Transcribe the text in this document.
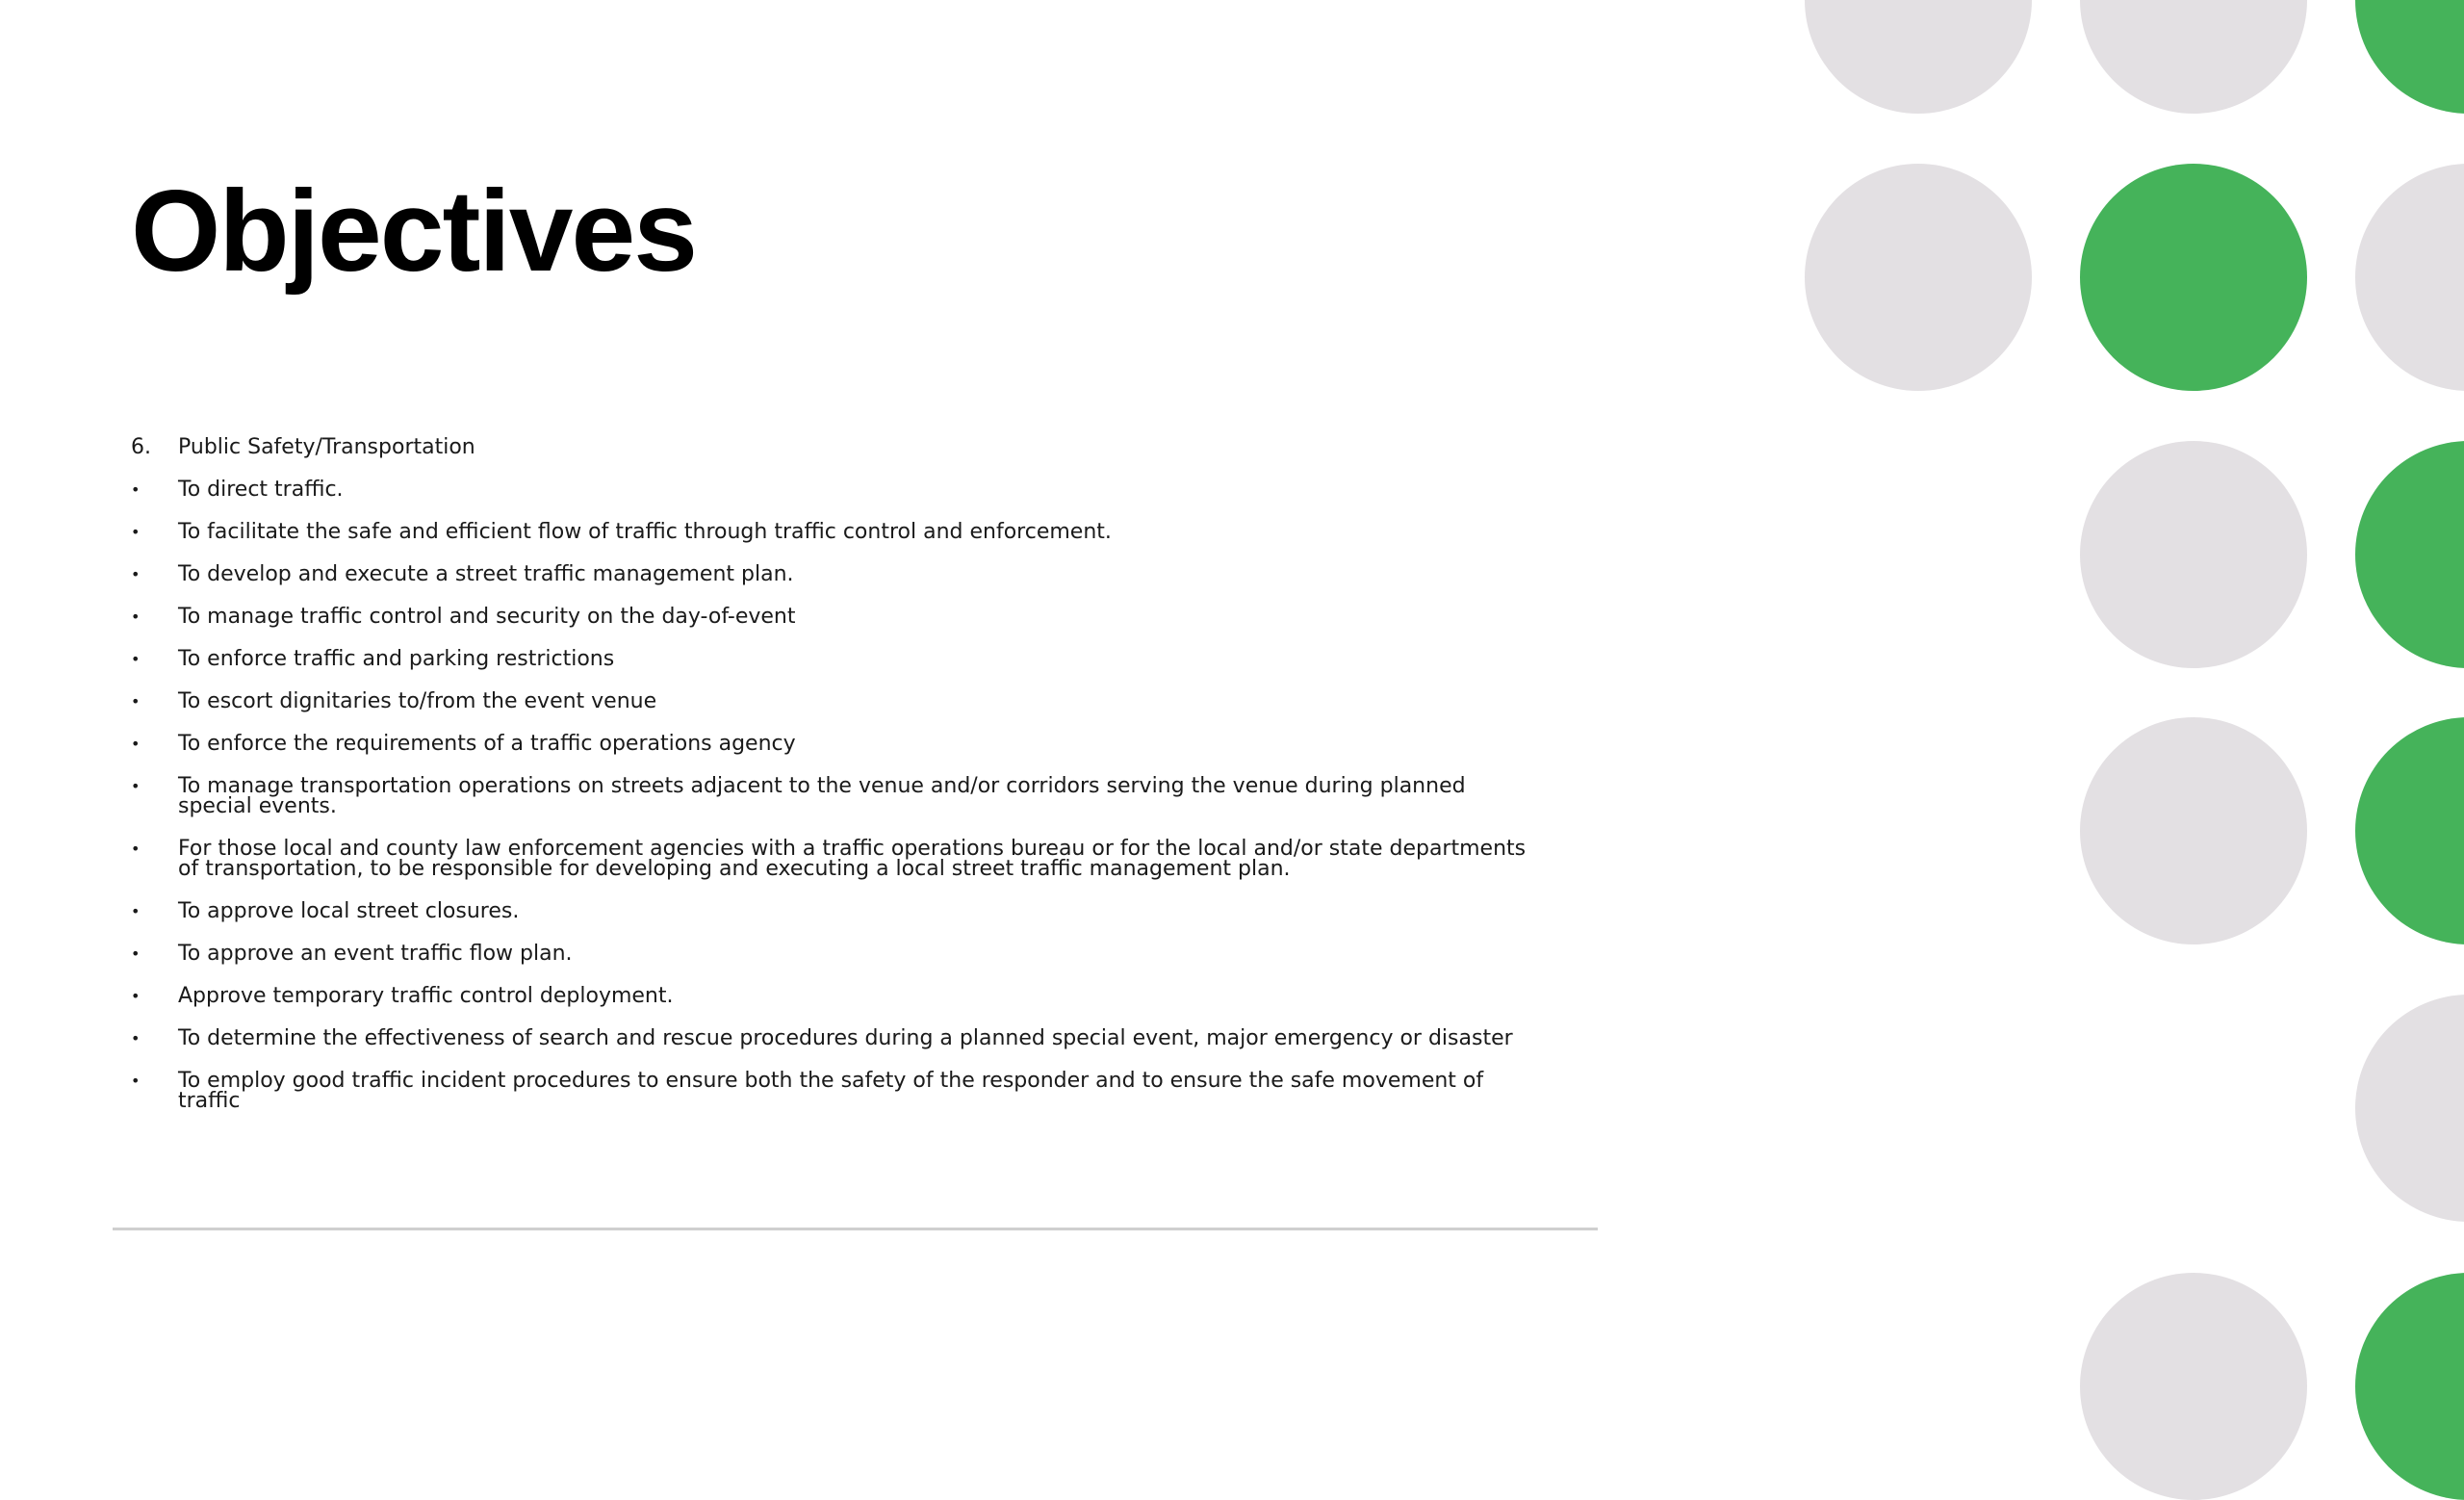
Objectives
6.	Public Safety/Transportation
•	To direct traffic.
•	To facilitate the safe and efficient flow of traffic through traffic control and enforcement.
•	To develop and execute a street traffic management plan.
•	To manage traffic control and security on the day-of-event
•	To enforce traffic and parking restrictions
•	To escort dignitaries to/from the event venue
•	To enforce the requirements of a traffic operations agency
•	To manage transportation operations on streets adjacent to the venue and/or corridors serving the venue during planned special events.
•	For those local and county law enforcement agencies with a traffic operations bureau or for the local and/or state departments of transportation, to be responsible for developing and executing a local street traffic management plan.
•	To approve local street closures.
•	To approve an event traffic flow plan.
•	Approve temporary traffic control deployment.
•	To determine the effectiveness of search and rescue procedures during a planned special event, major emergency or disaster
•	To employ good traffic incident procedures to ensure both the safety of the responder and to ensure the safe movement of traffic
